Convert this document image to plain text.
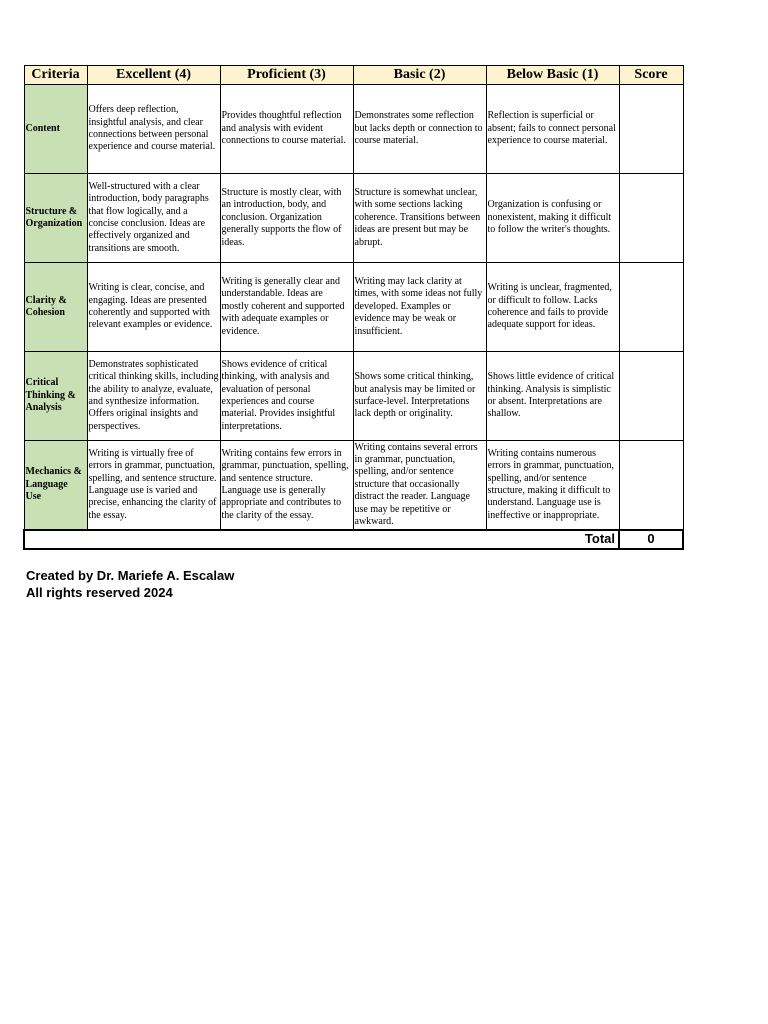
Criteria	Excellent (4)	Proficient (3)	Basic (2)	Below Basic (1)	Score
Content	Offers deep reflection, insightful analysis, and clear connections between personal experience and course material.	Provides thoughtful reflection and analysis with evident connections to course material.	Demonstrates some reflection but lacks depth or connection to course material.	Reflection is superficial or absent; fails to connect personal experience to course material.	
Structure & Organization	Well-structured with a clear introduction, body paragraphs that flow logically, and a concise conclusion. Ideas are effectively organized and transitions are smooth.	Structure is mostly clear, with an introduction, body, and conclusion. Organization generally supports the flow of ideas.	Structure is somewhat unclear, with some sections lacking coherence. Transitions between ideas are present but may be abrupt.	Organization is confusing or nonexistent, making it difficult to follow the writer's thoughts.	
Clarity & Cohesion	Writing is clear, concise, and engaging. Ideas are presented coherently and supported with relevant examples or evidence.	Writing is generally clear and understandable. Ideas are mostly coherent and supported with adequate examples or evidence.	Writing may lack clarity at times, with some ideas not fully developed. Examples or evidence may be weak or insufficient.	Writing is unclear, fragmented, or difficult to follow. Lacks coherence and fails to provide adequate support for ideas.	
Critical Thinking & Analysis	Demonstrates sophisticated critical thinking skills, including the ability to analyze, evaluate, and synthesize information. Offers original insights and perspectives.	Shows evidence of critical thinking, with analysis and evaluation of personal experiences and course material. Provides insightful interpretations.	Shows some critical thinking, but analysis may be limited or surface-level. Interpretations lack depth or originality.	Shows little evidence of critical thinking. Analysis is simplistic or absent. Interpretations are shallow.	
Mechanics & Language Use	Writing is virtually free of errors in grammar, punctuation, spelling, and sentence structure. Language use is varied and precise, enhancing the clarity of the essay.	Writing contains few errors in grammar, punctuation, spelling, and sentence structure. Language use is generally appropriate and contributes to the clarity of the essay.	Writing contains several errors in grammar, punctuation, spelling, and/or sentence structure that occasionally distract the reader. Language use may be repetitive or awkward.	Writing contains numerous errors in grammar, punctuation, spelling, and/or sentence structure, making it difficult to understand. Language use is ineffective or inappropriate.	
				Total	0
Created by Dr. Mariefe A. Escalaw
All rights reserved 2024
